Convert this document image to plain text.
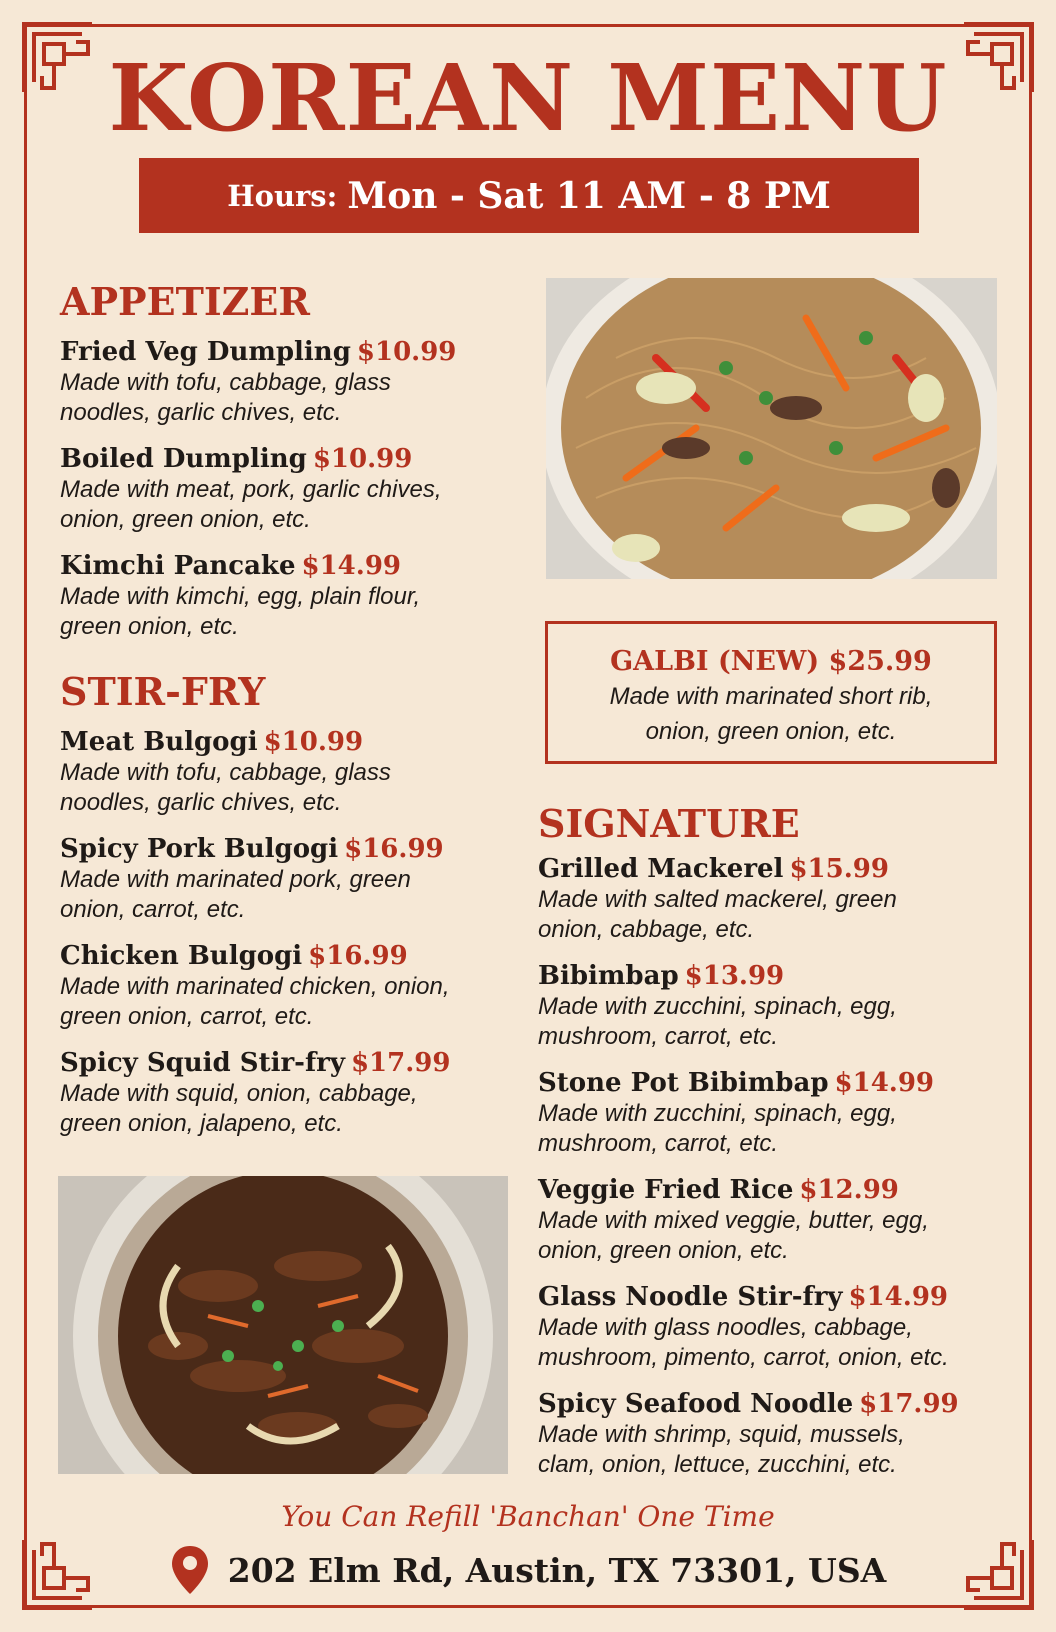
KOREAN MENU
Hours: Mon - Sat 11 AM - 8 PM
APPETIZER
Fried Veg Dumpling $10.99
Made with tofu, cabbage, glass
noodles, garlic chives, etc.
Boiled Dumpling $10.99
Made with meat, pork, garlic chives,
onion, green onion, etc.
Kimchi Pancake $14.99
Made with kimchi, egg, plain flour,
green onion, etc.
STIR-FRY
Meat Bulgogi $10.99
Made with tofu, cabbage, glass
noodles, garlic chives, etc.
Spicy Pork Bulgogi $16.99
Made with marinated pork, green
onion, carrot, etc.
Chicken Bulgogi $16.99
Made with marinated chicken, onion,
green onion, carrot, etc.
Spicy Squid Stir-fry $17.99
Made with squid, onion, cabbage,
green onion, jalapeno, etc.
GALBI (NEW) $25.99
Made with marinated short rib,
onion, green onion, etc.
SIGNATURE
Grilled Mackerel $15.99
Made with salted mackerel, green
onion, cabbage, etc.
Bibimbap $13.99
Made with zucchini, spinach, egg,
mushroom, carrot, etc.
Stone Pot Bibimbap $14.99
Made with zucchini, spinach, egg,
mushroom, carrot, etc.
Veggie Fried Rice $12.99
Made with mixed veggie, butter, egg,
onion, green onion, etc.
Glass Noodle Stir-fry $14.99
Made with glass noodles, cabbage,
mushroom, pimento, carrot, onion, etc.
Spicy Seafood Noodle $17.99
Made with shrimp, squid, mussels,
clam, onion, lettuce, zucchini, etc.
You Can Refill 'Banchan' One Time
202 Elm Rd, Austin, TX 73301, USA
